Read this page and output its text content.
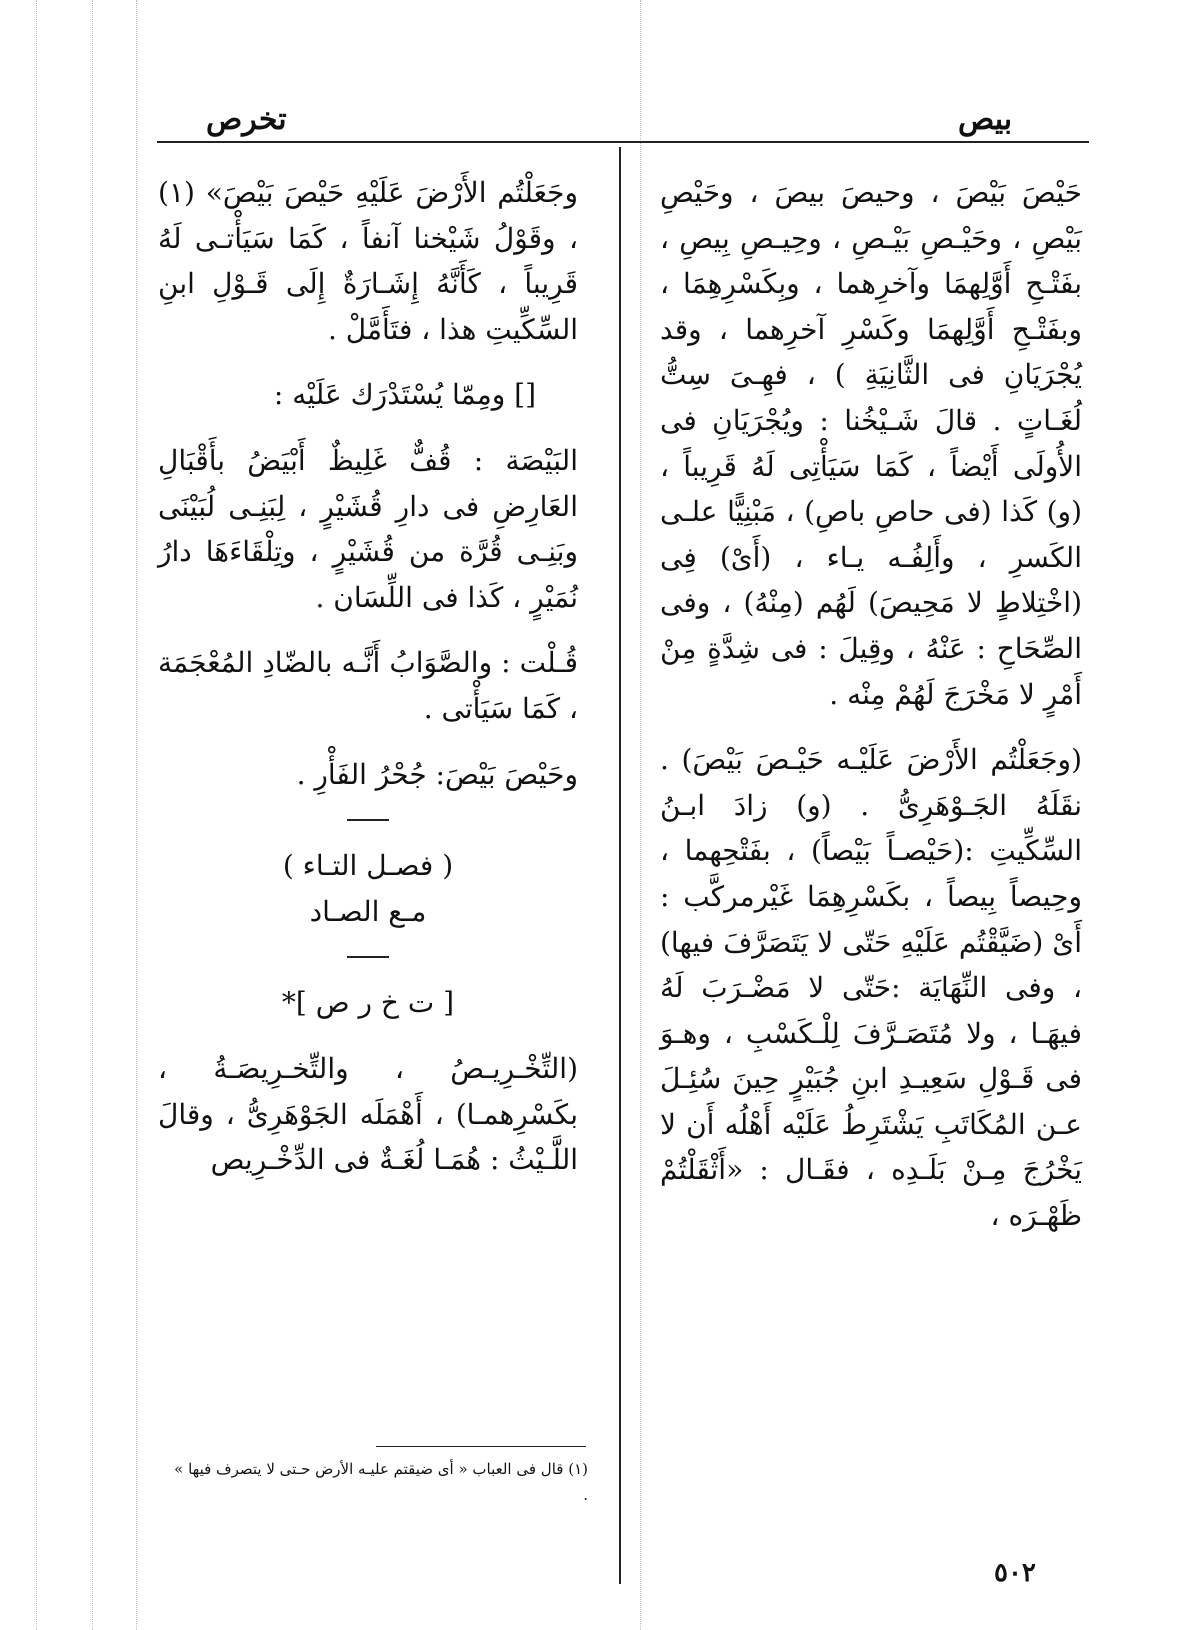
بيص
تخرص

حَيْصَ بَيْصَ ، وحيصَ بيصَ ، وحَيْصِ بَيْصِ ، وحَيْـصِ بَيْـصِ ، وحِيـصِ بِيصِ ، بفَتْـحِ أَوَّلِهمَا وآخرِهما ، وبِكَسْرِهِمَا ، وبفَتْـحِ أَوَّلِهمَا وكَسْرِ آخرِهما ، وقد يُجْرَيَانِ فى الثَّانِيَةِ ) ، فهِـىَ سِتُّ لُغَـاتٍ . قالَ شَـيْخُنا : ويُجْرَيَانِ فى الأُولَى أَيْضاً ، كَمَا سَيَأْتِى لَهُ قَرِيباً ، (و) كَذا (فى حاصِ باصِ) ، مَبْنِيًّا علـى الكَسرِ ، وأَلِفُـه يـاء ، (أَىْ) فِى (اخْتِلاطٍ لا مَحِيصَ) لَهُم (مِنْهُ) ، وفى الصِّحَاحِ : عَنْهُ ، وقِيلَ : فى شِدَّةٍ مِنْ أَمْرٍ لا مَخْرَجَ لَهُمْ مِنْه .

(وجَعَلْتُم الأَرْضَ عَلَيْـه حَيْـصَ بَيْصَ) . نقَلَهُ الجَـوْهَرِىُّ . (و) زادَ ابـنُ السِّكِّيتِ :(حَيْصـاً بَيْصاً) ، بفَتْحِهما ، وحِيصاً بِيصاً ، بكَسْرِهِمَا غَيْرمركَّب : أَىْ (ضَيَّقْتُم عَلَيْهِ حَتّى لا يَتَصَرَّفَ فيها) ، وفى النِّهَايَة :حَتّى لا مَضْـرَبَ لَهُ فيهَـا ، ولا مُتَصَـرَّفَ لِلْـكَسْبِ ، وهـوَ فى قَـوْلِ سَعِيـدِ ابنِ جُبَيْرٍ حِينَ سُئِـلَ عـن المُكَاتَبِ يَشْتَرِطُ عَلَيْه أَهْلُه أَن لا يَخْرُجَ مِـنْ بَلَـدِه ، فقَـال : «أَثْقَلْتُمْ ظَهْـرَه ،

وجَعَلْتُم الأَرْضَ عَلَيْهِ حَيْصَ بَيْصَ» (١) ، وقَوْلُ شَيْخنا آنفاً ، كَمَا سَيَأْتـى لَهُ قَرِيباً ، كَأَنَّهُ إِشَـارَةٌ إِلَى قَـوْلِ ابنِ السِّكِّيتِ هذا ، فتَأَمَّلْ .

[] ومِمّا يُسْتَدْرَك عَلَيْه :

البَيْصَة : قُفٌّ غَلِيظٌ أَبْيَضُ بأَقْبَالِ العَارِضِ فى دارِ قُشَيْرٍ ، لِبَنِـى لُبَيْنَى وبَنِـى قُرَّة من قُشَيْرٍ ، وتِلْقَاءَهَا دارُ نُمَيْرٍ ، كَذا فى اللِّسَان .

قُـلْت : والصَّوَابُ أَنَّـه بالضّادِ المُعْجَمَة ، كَمَا سَيَأْتى .

وحَيْصَ بَيْصَ: جُحْرُ الفَأْرِ .

( فصـل التـاء )

مـع الصـاد

[ ت خ ر ص ]*

(التِّخْـرِيـصُ ، والتِّخـرِيصَـةُ ، بكَسْرِهمـا) ، أَهْمَلَه الجَوْهَرِىُّ ، وقالَ اللَّـيْثُ : هُمَـا لُغَـةٌ فى الدِّخْـرِيص

(١) قال فى العباب « أى ضيقتم عليـه الأرض حـتى لا يتصرف فيها » .
٥٠٢
